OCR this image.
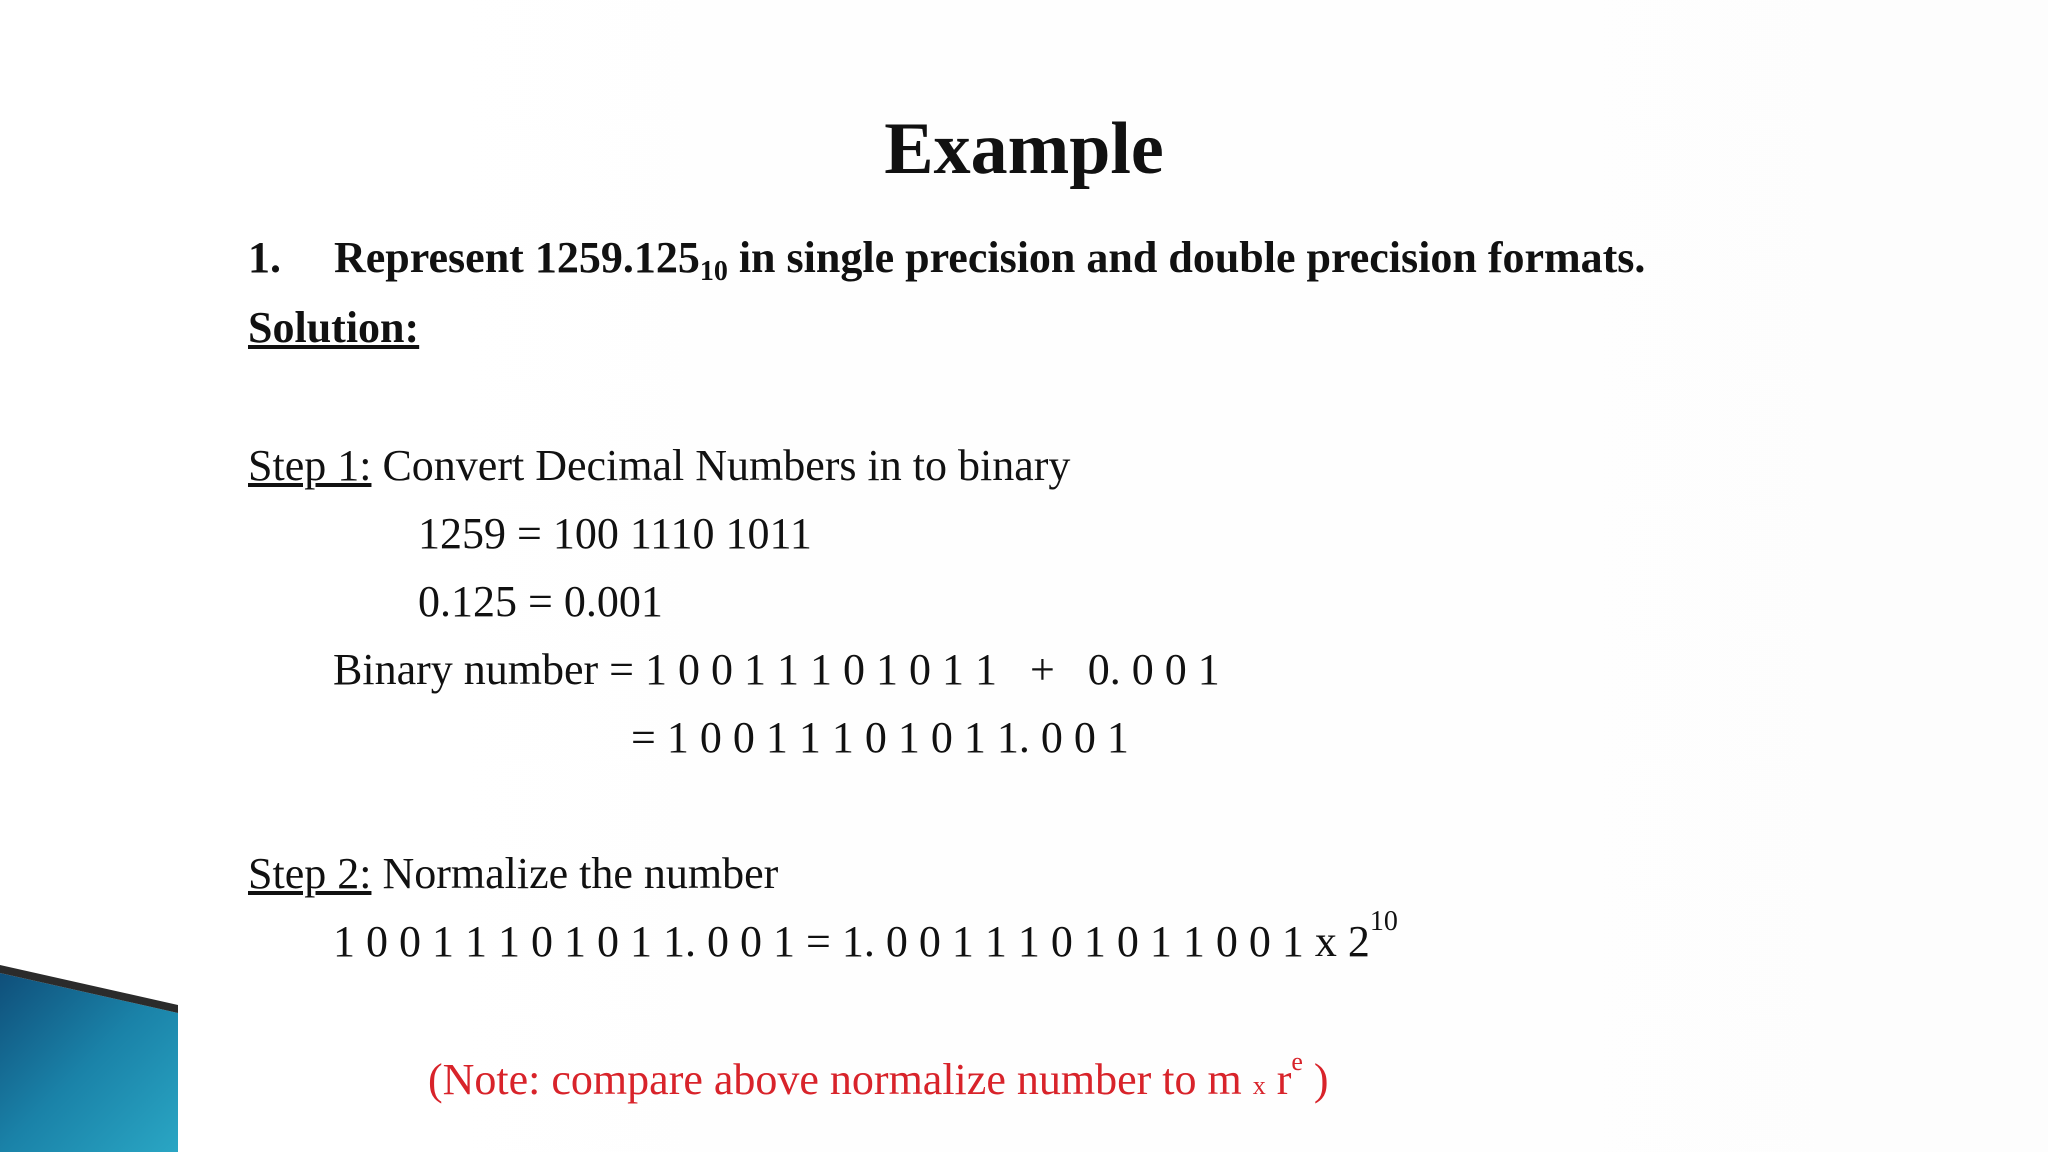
Example
1. Represent $1259.125_{10}$ in single precision and double precision formats.
Solution:
Step 1: Convert Decimal Numbers in to binary
1259 = 100 1110 1011
0.125 = 0.001
Binary number = 1 0 0 1 1 1 0 1 0 1 1   +   0. 0 0 1
= 1 0 0 1 1 1 0 1 0 1 1. 0 0 1
Step 2: Normalize the number
1 0 0 1 1 1 0 1 0 1 1. 0 0 1 = 1. 0 0 1 1 1 0 1 0 1 1 0 0 1 x $2^{10}$
(Note: compare above normalize number to m x $r^e$ )
